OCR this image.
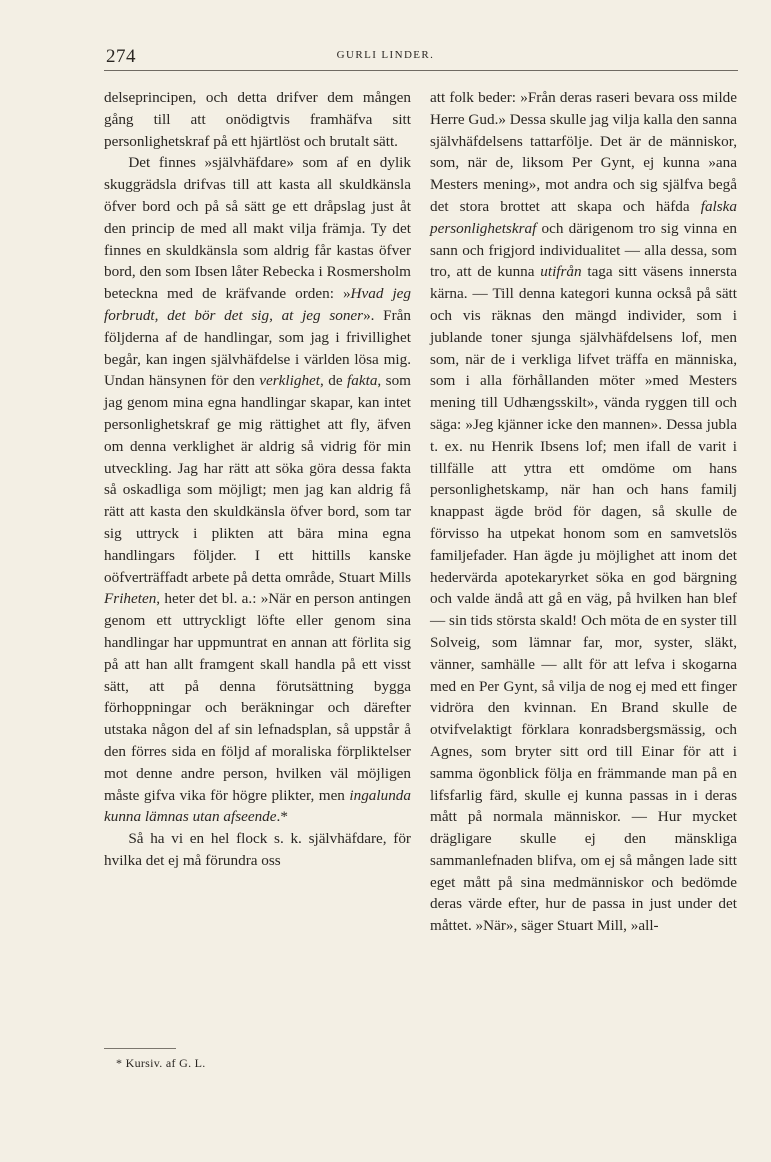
274	GURLI LINDER.

delseprincipen, och detta drifver dem mången gång till att onödigtvis framhäfva sitt personlighetskraf på ett hjärtlöst och brutalt sätt.

Det finnes »självhäfdare» som af en dylik skuggrädsla drifvas till att kasta all skuldkänsla öfver bord och på så sätt ge ett dråpslag just åt den princip de med all makt vilja främja. Ty det finnes en skuldkänsla som aldrig får kastas öfver bord, den som Ibsen låter Rebecka i Rosmersholm beteckna med de kräfvande orden: »Hvad jeg forbrudt, det bör det sig, at jeg soner». Från följderna af de handlingar, som jag i frivillighet begår, kan ingen självhäfdelse i världen lösa mig. Undan hänsynen för den verklighet, de fakta, som jag genom mina egna handlingar skapar, kan intet personlighetskraf ge mig rättighet att fly, äfven om denna verklighet är aldrig så vidrig för min utveckling. Jag har rätt att söka göra dessa fakta så oskadliga som möjligt; men jag kan aldrig få rätt att kasta den skuldkänsla öfver bord, som tar sig uttryck i plikten att bära mina egna handlingars följder. I ett hittills kanske oöfverträffadt arbete på detta område, Stuart Mills Friheten, heter det bl. a.: »När en person antingen genom ett uttryckligt löfte eller genom sina handlingar har uppmuntrat en annan att förlita sig på att han allt framgent skall handla på ett visst sätt, att på denna förutsättning bygga förhoppningar och beräkningar och därefter utstaka någon del af sin lefnadsplan, så uppstår å den förres sida en följd af moraliska förpliktelser mot denne andre person, hvilken väl möjligen måste gifva vika för högre plikter, men ingalunda kunna lämnas utan afseende.*

Så ha vi en hel flock s. k. självhäfdare, för hvilka det ej må förundra oss

att folk beder: »Från deras raseri bevara oss milde Herre Gud.» Dessa skulle jag vilja kalla den sanna självhäfdelsens tattarfölje. Det är de människor, som, när de, liksom Per Gynt, ej kunna »ana Mesters mening», mot andra och sig själfva begå det stora brottet att skapa och häfda falska personlighetskraf och därigenom tro sig vinna en sann och frigjord individualitet — alla dessa, som tro, att de kunna utifrån taga sitt väsens innersta kärna. — Till denna kategori kunna också på sätt och vis räknas den mängd individer, som i jublande toner sjunga självhäfdelsens lof, men som, när de i verkliga lifvet träffa en människa, som i alla förhållanden möter »med Mesters mening till Udhængsskilt», vända ryggen till och säga: »Jeg kjänner icke den mannen». Dessa jubla t. ex. nu Henrik Ibsens lof; men ifall de varit i tillfälle att yttra ett omdöme om hans personlighetskamp, när han och hans familj knappast ägde bröd för dagen, så skulle de förvisso ha utpekat honom som en samvetslös familjefader. Han ägde ju möjlighet att inom det hedervärda apotekaryrket söka en god bärgning och valde ändå att gå en väg, på hvilken han blef — sin tids största skald! Och möta de en syster till Solveig, som lämnar far, mor, syster, släkt, vänner, samhälle — allt för att lefva i skogarna med en Per Gynt, så vilja de nog ej med ett finger vidröra den kvinnan. En Brand skulle de otvifvelaktigt förklara konradsbergsmässig, och Agnes, som bryter sitt ord till Einar för att i samma ögonblick följa en främmande man på en lifsfarlig färd, skulle ej kunna passas in i deras mått på normala människor. — Hur mycket drägligare skulle ej den mänskliga sammanlefnaden blifva, om ej så mången lade sitt eget mått på sina medmänniskor och bedömde deras värde efter, hur de passa in just under det måttet. »När», säger Stuart Mill, »all-

* Kursiv. af G. L.
